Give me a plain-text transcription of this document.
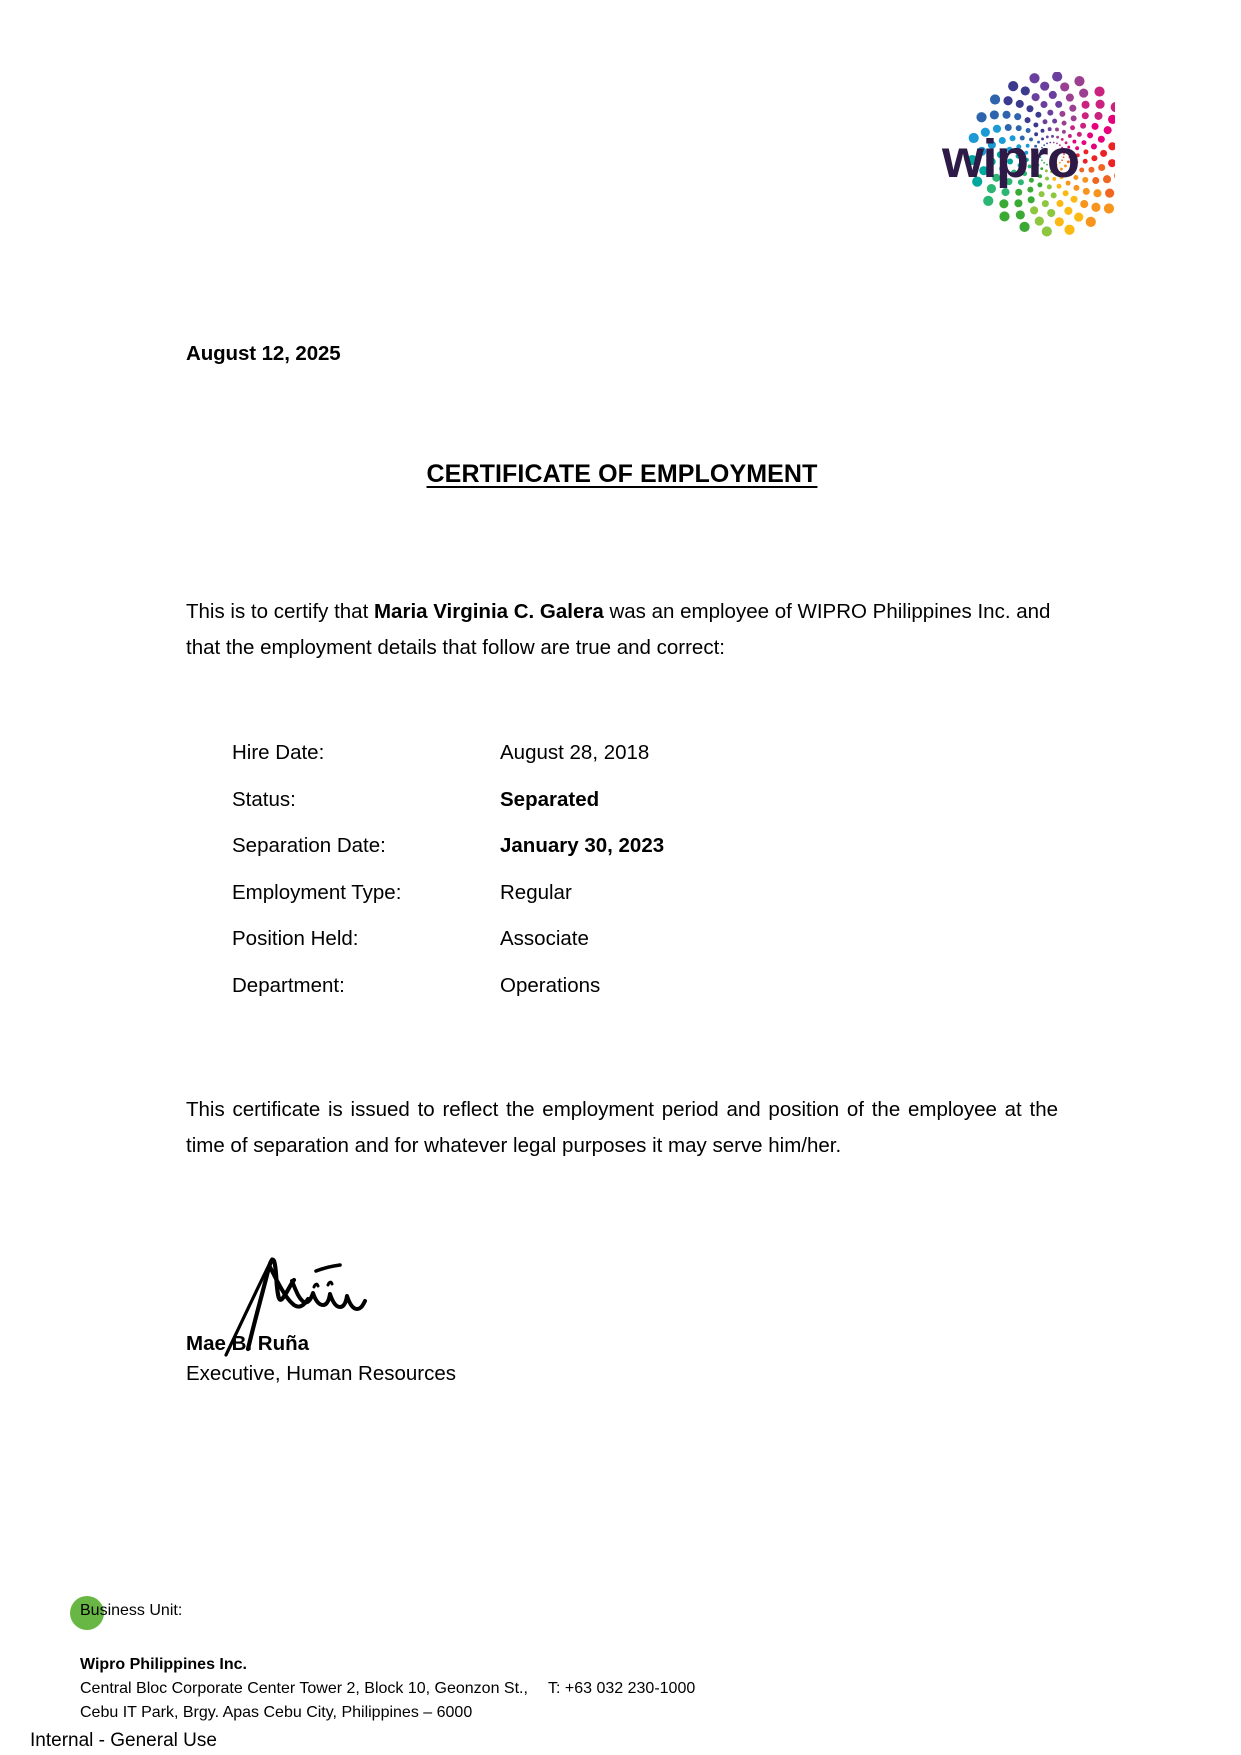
wipro
August 12, 2025
CERTIFICATE OF EMPLOYMENT
This is to certify that Maria Virginia C. Galera was an employee of WIPRO Philippines Inc. and that the employment details that follow are true and correct:
Hire Date:	August 28, 2018
Status:	Separated
Separation Date:	January 30, 2023
Employment Type:	Regular
Position Held:	Associate
Department:	Operations
This certificate is issued to reflect the employment period and position of the employee at the time of separation and for whatever legal purposes it may serve him/her.
Mae B. Ruña
Executive, Human Resources
Business Unit:
Wipro Philippines Inc.
Central Bloc Corporate Center Tower 2, Block 10, Geonzon St.,
Cebu IT Park, Brgy. Apas Cebu City, Philippines – 6000
T: +63 032 230-1000
Internal - General Use
